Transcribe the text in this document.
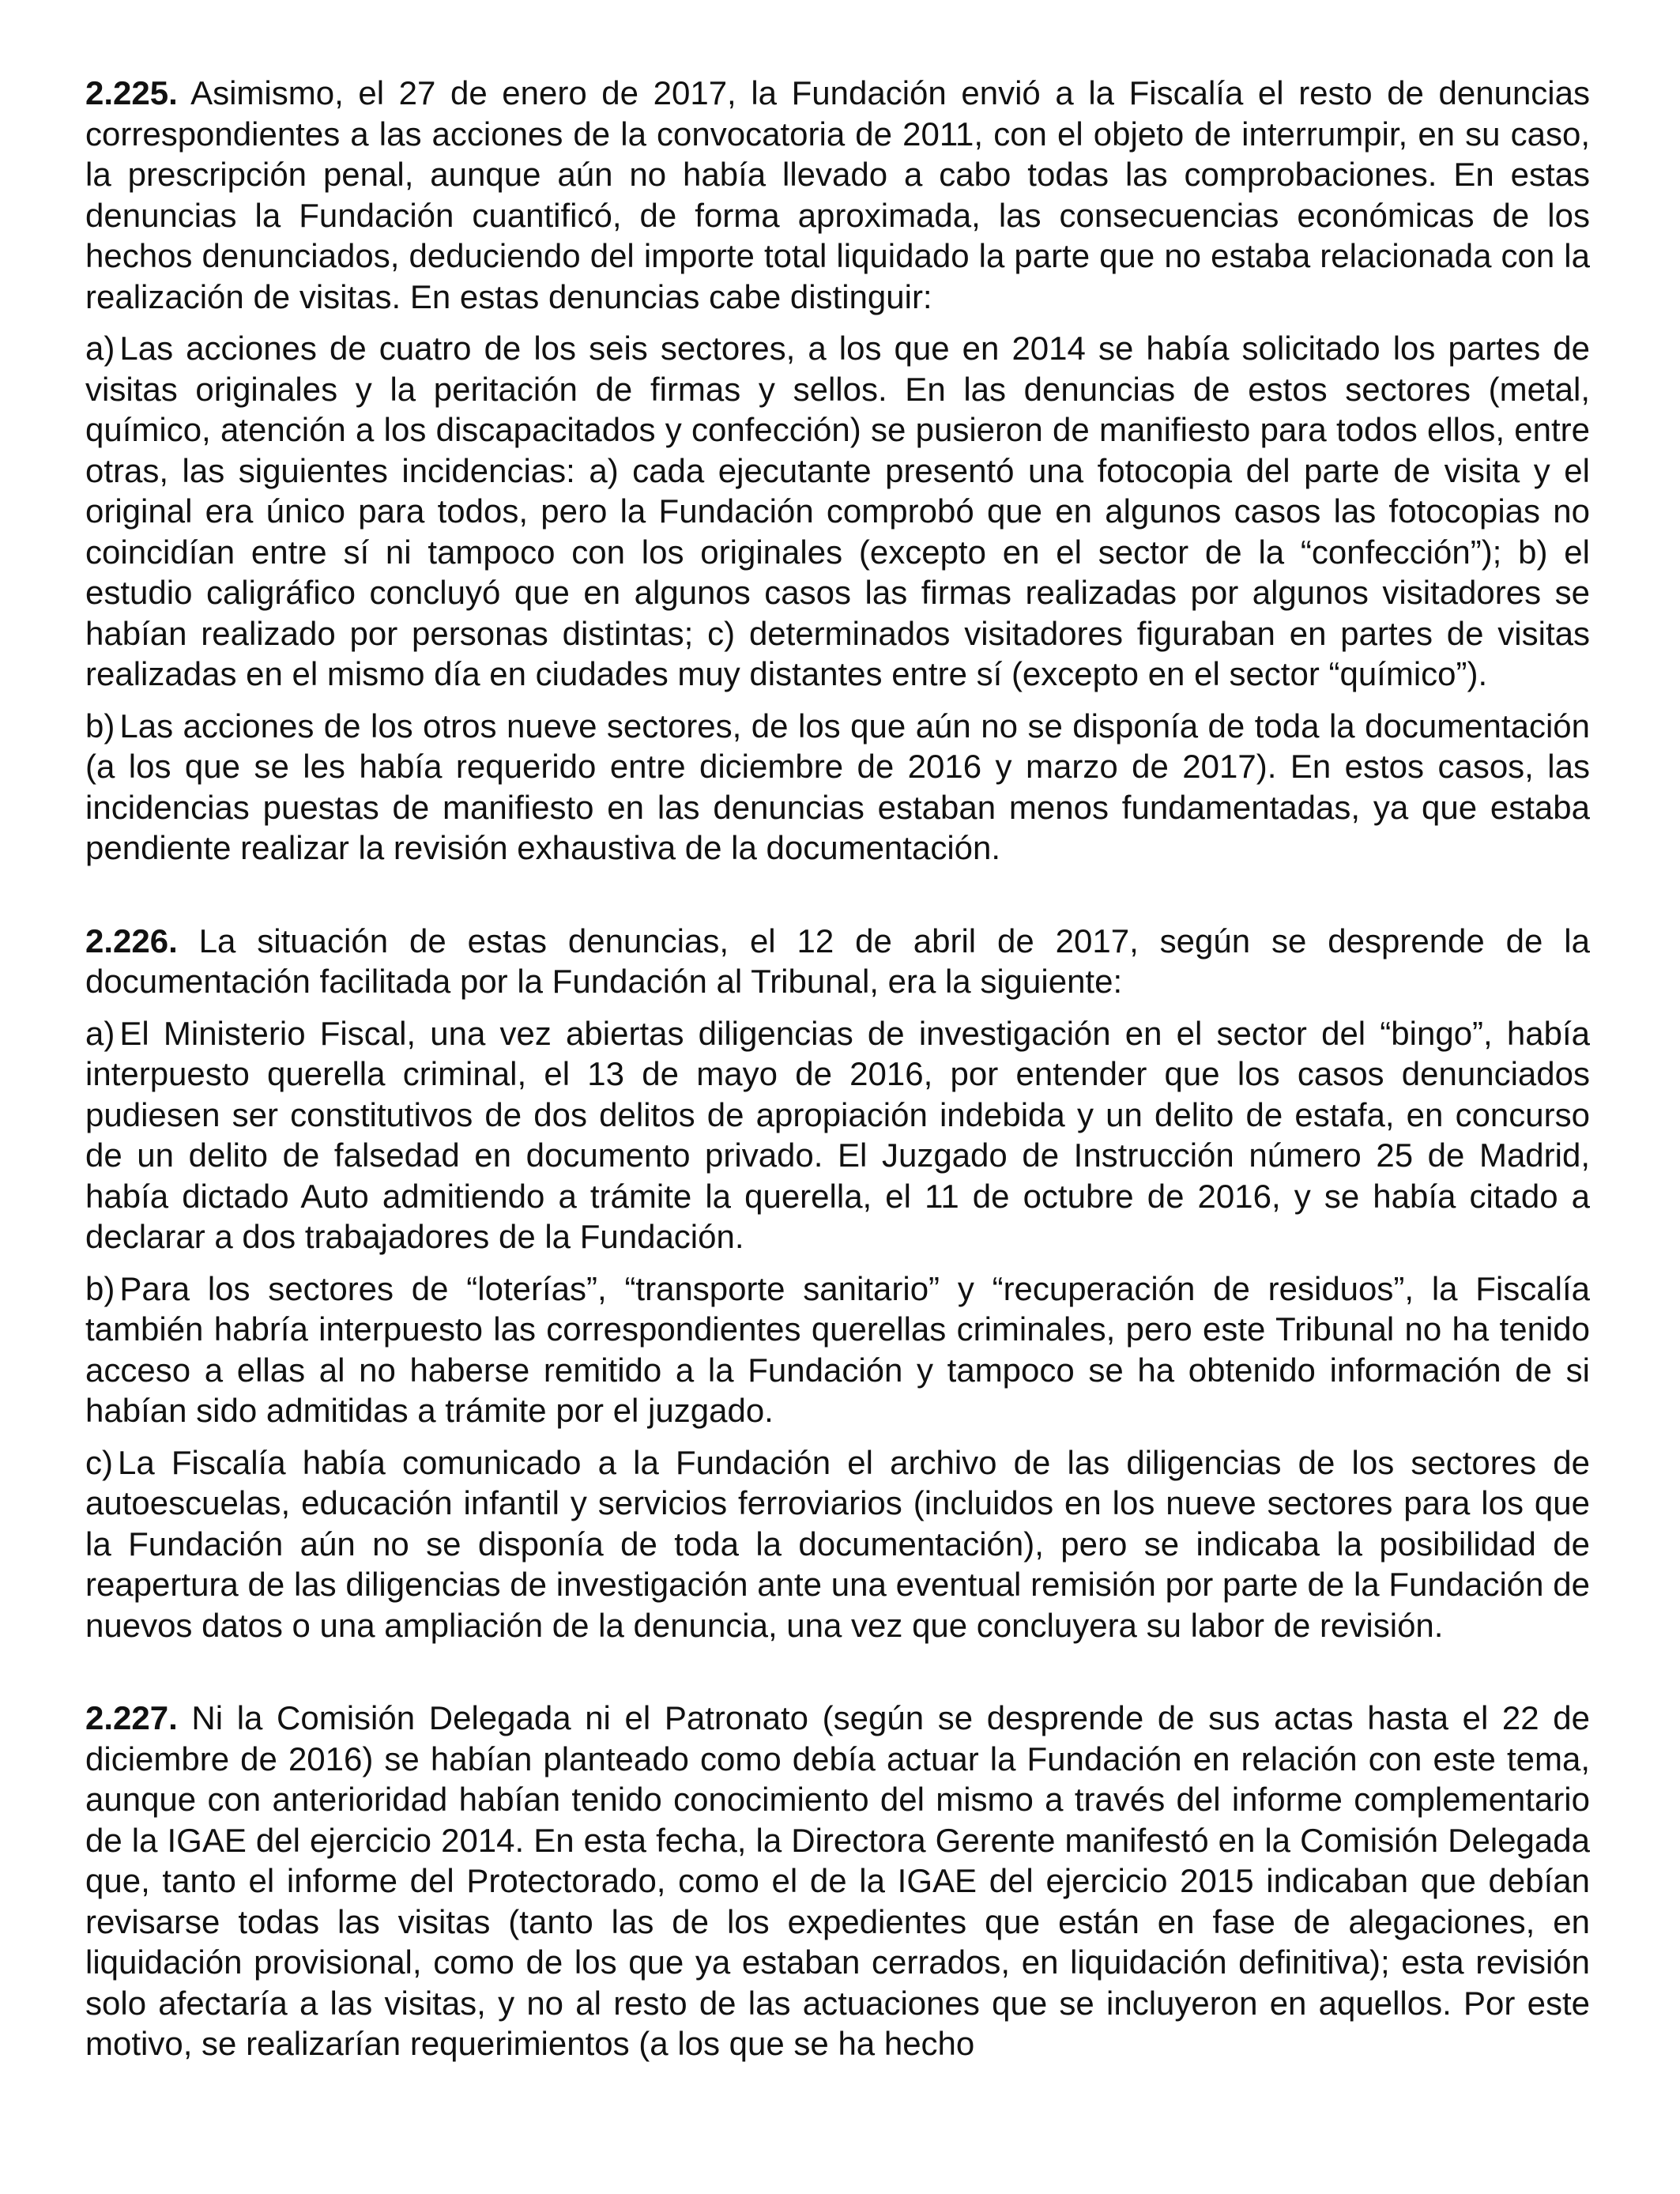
2.225. Asimismo, el 27 de enero de 2017, la Fundación envió a la Fiscalía el resto de denuncias correspondientes a las acciones de la convocatoria de 2011, con el objeto de interrumpir, en su caso, la prescripción penal, aunque aún no había llevado a cabo todas las comprobaciones. En estas denuncias la Fundación cuantificó, de forma aproximada, las consecuencias económicas de los hechos denunciados, deduciendo del importe total liquidado la parte que no estaba relacionada con la realización de visitas. En estas denuncias cabe distinguir:

a) Las acciones de cuatro de los seis sectores, a los que en 2014 se había solicitado los partes de visitas originales y la peritación de firmas y sellos. En las denuncias de estos sectores (metal, químico, atención a los discapacitados y confección) se pusieron de manifiesto para todos ellos, entre otras, las siguientes incidencias: a) cada ejecutante presentó una fotocopia del parte de visita y el original era único para todos, pero la Fundación comprobó que en algunos casos las fotocopias no coincidían entre sí ni tampoco con los originales (excepto en el sector de la “confección”); b) el estudio caligráfico concluyó que en algunos casos las firmas realizadas por algunos visitadores se habían realizado por personas distintas; c) determinados visitadores figuraban en partes de visitas realizadas en el mismo día en ciudades muy distantes entre sí (excepto en el sector “químico”).

b) Las acciones de los otros nueve sectores, de los que aún no se disponía de toda la documentación (a los que se les había requerido entre diciembre de 2016 y marzo de 2017). En estos casos, las incidencias puestas de manifiesto en las denuncias estaban menos fundamentadas, ya que estaba pendiente realizar la revisión exhaustiva de la documentación.

2.226. La situación de estas denuncias, el 12 de abril de 2017, según se desprende de la documentación facilitada por la Fundación al Tribunal, era la siguiente:

a) El Ministerio Fiscal, una vez abiertas diligencias de investigación en el sector del “bingo”, había interpuesto querella criminal, el 13 de mayo de 2016, por entender que los casos denunciados pudiesen ser constitutivos de dos delitos de apropiación indebida y un delito de estafa, en concurso de un delito de falsedad en documento privado. El Juzgado de Instrucción número 25 de Madrid, había dictado Auto admitiendo a trámite la querella, el 11 de octubre de 2016, y se había citado a declarar a dos trabajadores de la Fundación.

b) Para los sectores de “loterías”, “transporte sanitario” y “recuperación de residuos”, la Fiscalía también habría interpuesto las correspondientes querellas criminales, pero este Tribunal no ha tenido acceso a ellas al no haberse remitido a la Fundación y tampoco se ha obtenido información de si habían sido admitidas a trámite por el juzgado.

c) La Fiscalía había comunicado a la Fundación el archivo de las diligencias de los sectores de autoescuelas, educación infantil y servicios ferroviarios (incluidos en los nueve sectores para los que la Fundación aún no se disponía de toda la documentación), pero se indicaba la posibilidad de reapertura de las diligencias de investigación ante una eventual remisión por parte de la Fundación de nuevos datos o una ampliación de la denuncia, una vez que concluyera su labor de revisión.

2.227. Ni la Comisión Delegada ni el Patronato (según se desprende de sus actas hasta el 22 de diciembre de 2016) se habían planteado como debía actuar la Fundación en relación con este tema, aunque con anterioridad habían tenido conocimiento del mismo a través del informe complementario de la IGAE del ejercicio 2014. En esta fecha, la Directora Gerente manifestó en la Comisión Delegada que, tanto el informe del Protectorado, como el de la IGAE del ejercicio 2015 indicaban que debían revisarse todas las visitas (tanto las de los expedientes que están en fase de alegaciones, en liquidación provisional, como de los que ya estaban cerrados, en liquidación definitiva); esta revisión solo afectaría a las visitas, y no al resto de las actuaciones que se incluyeron en aquellos. Por este motivo, se realizarían requerimientos (a los que se ha hecho
